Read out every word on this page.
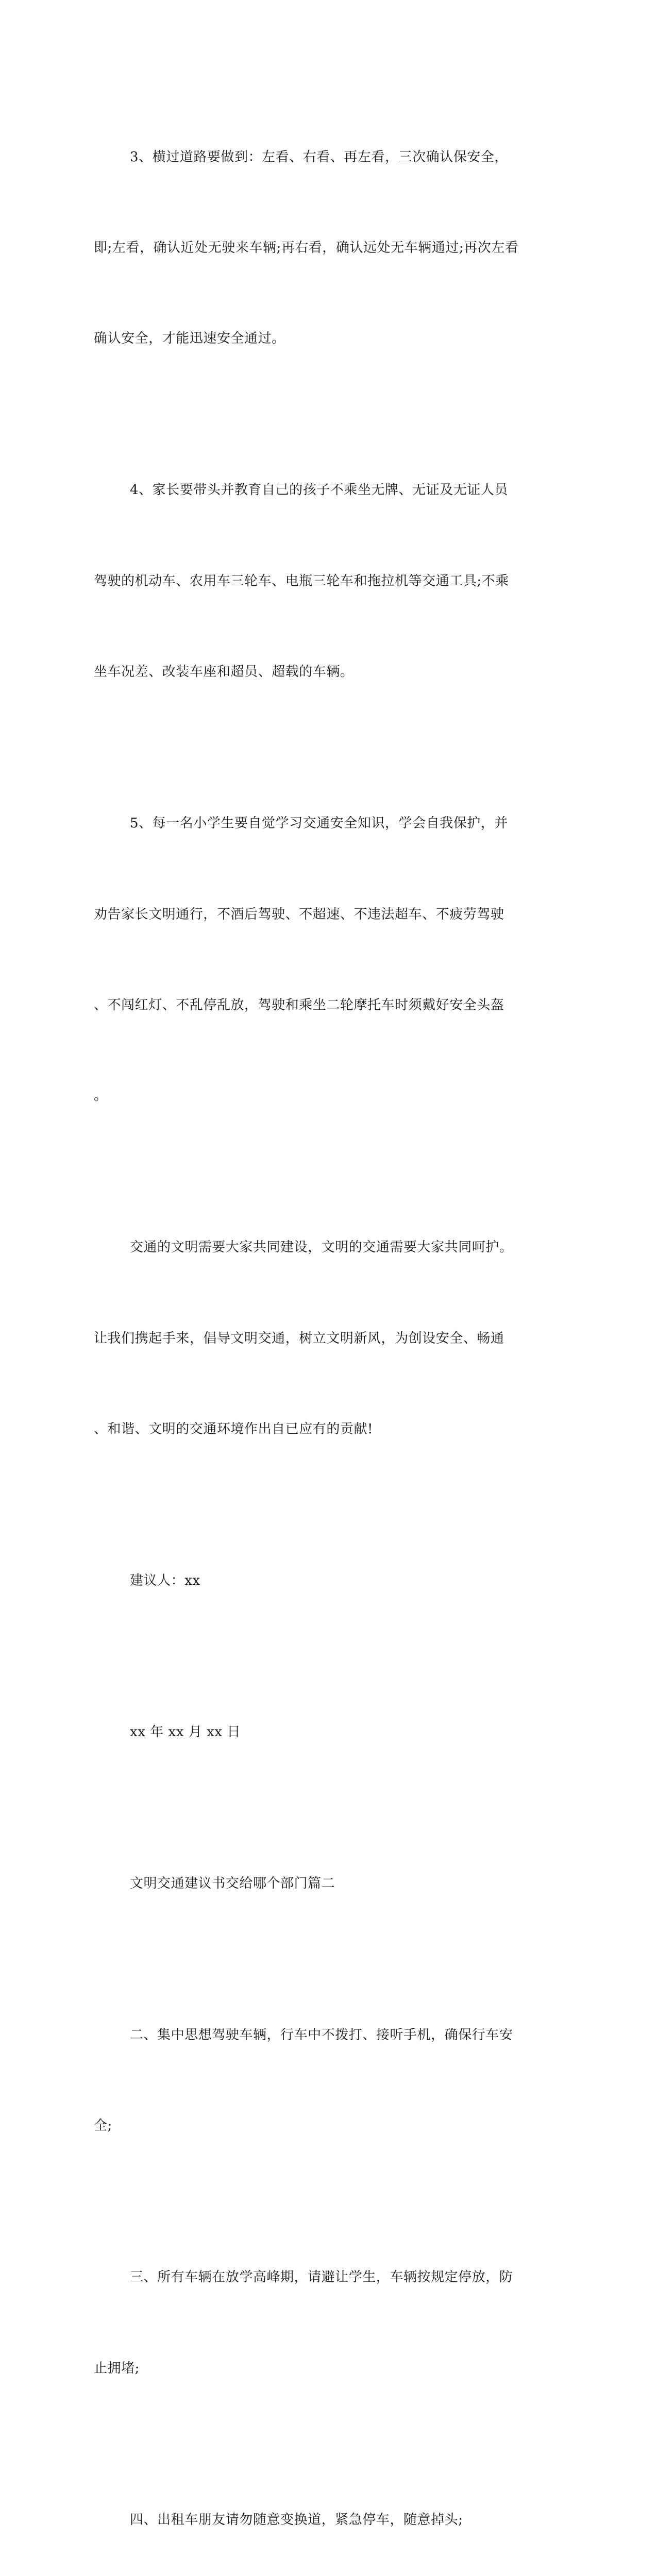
3、横过道路要做到：左看、右看、再左看，三次确认保安全，

即;左看，确认近处无驶来车辆;再右看，确认远处无车辆通过;再次左看

确认安全，才能迅速安全通过。

4、家长要带头并教育自己的孩子不乘坐无牌、无证及无证人员

驾驶的机动车、农用车三轮车、电瓶三轮车和拖拉机等交通工具;不乘

坐车况差、改装车座和超员、超载的车辆。

5、每一名小学生要自觉学习交通安全知识，学会自我保护，并

劝告家长文明通行，不酒后驾驶、不超速、不违法超车、不疲劳驾驶

、不闯红灯、不乱停乱放，驾驶和乘坐二轮摩托车时须戴好安全头盔

。

交通的文明需要大家共同建设，文明的交通需要大家共同呵护。

让我们携起手来，倡导文明交通，树立文明新风，为创设安全、畅通

、和谐、文明的交通环境作出自已应有的贡献!

建议人：xx

xx 年 xx 月 xx 日

文明交通建议书交给哪个部门篇二

二、集中思想驾驶车辆，行车中不拨打、接听手机，确保行车安

全;

三、所有车辆在放学高峰期，请避让学生，车辆按规定停放，防

止拥堵;

四、出租车朋友请勿随意变换道，紧急停车，随意掉头;
